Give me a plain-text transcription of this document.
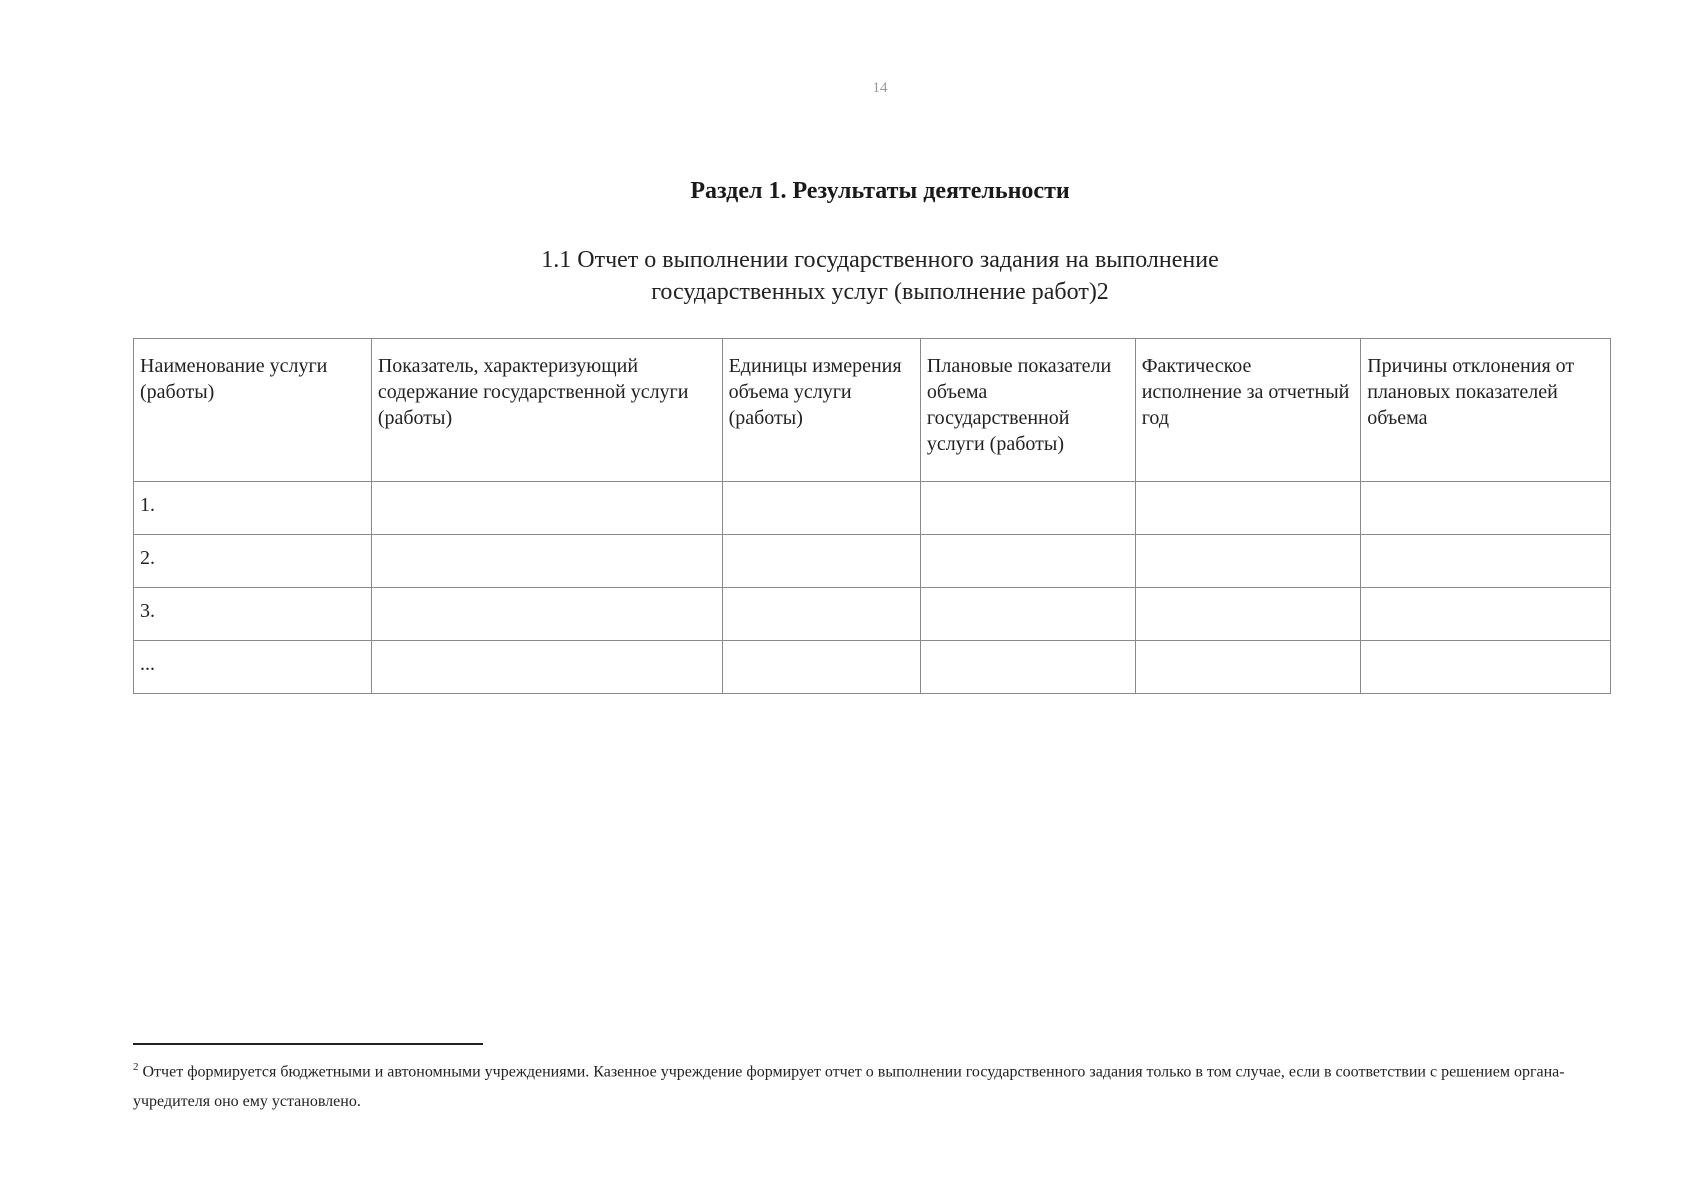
14
Раздел 1. Результаты деятельности
1.1 Отчет о выполнении государственного задания на выполнение
государственных услуг (выполнение работ)2
Наименование услуги (работы)	Показатель, характеризующий содержание государственной услуги (работы)	Единицы измерения объема услуги (работы)	Плановые показатели объема государственной услуги (работы)	Фактическое исполнение за отчетный год	Причины отклонения от плановых показателей объема
1.					
2.					
3.					
...					
$^2$ Отчет формируется бюджетными и автономными учреждениями. Казенное учреждение формирует отчет о выполнении государственного задания только в том случае, если в соответствии с решением органа-учредителя оно ему установлено.
